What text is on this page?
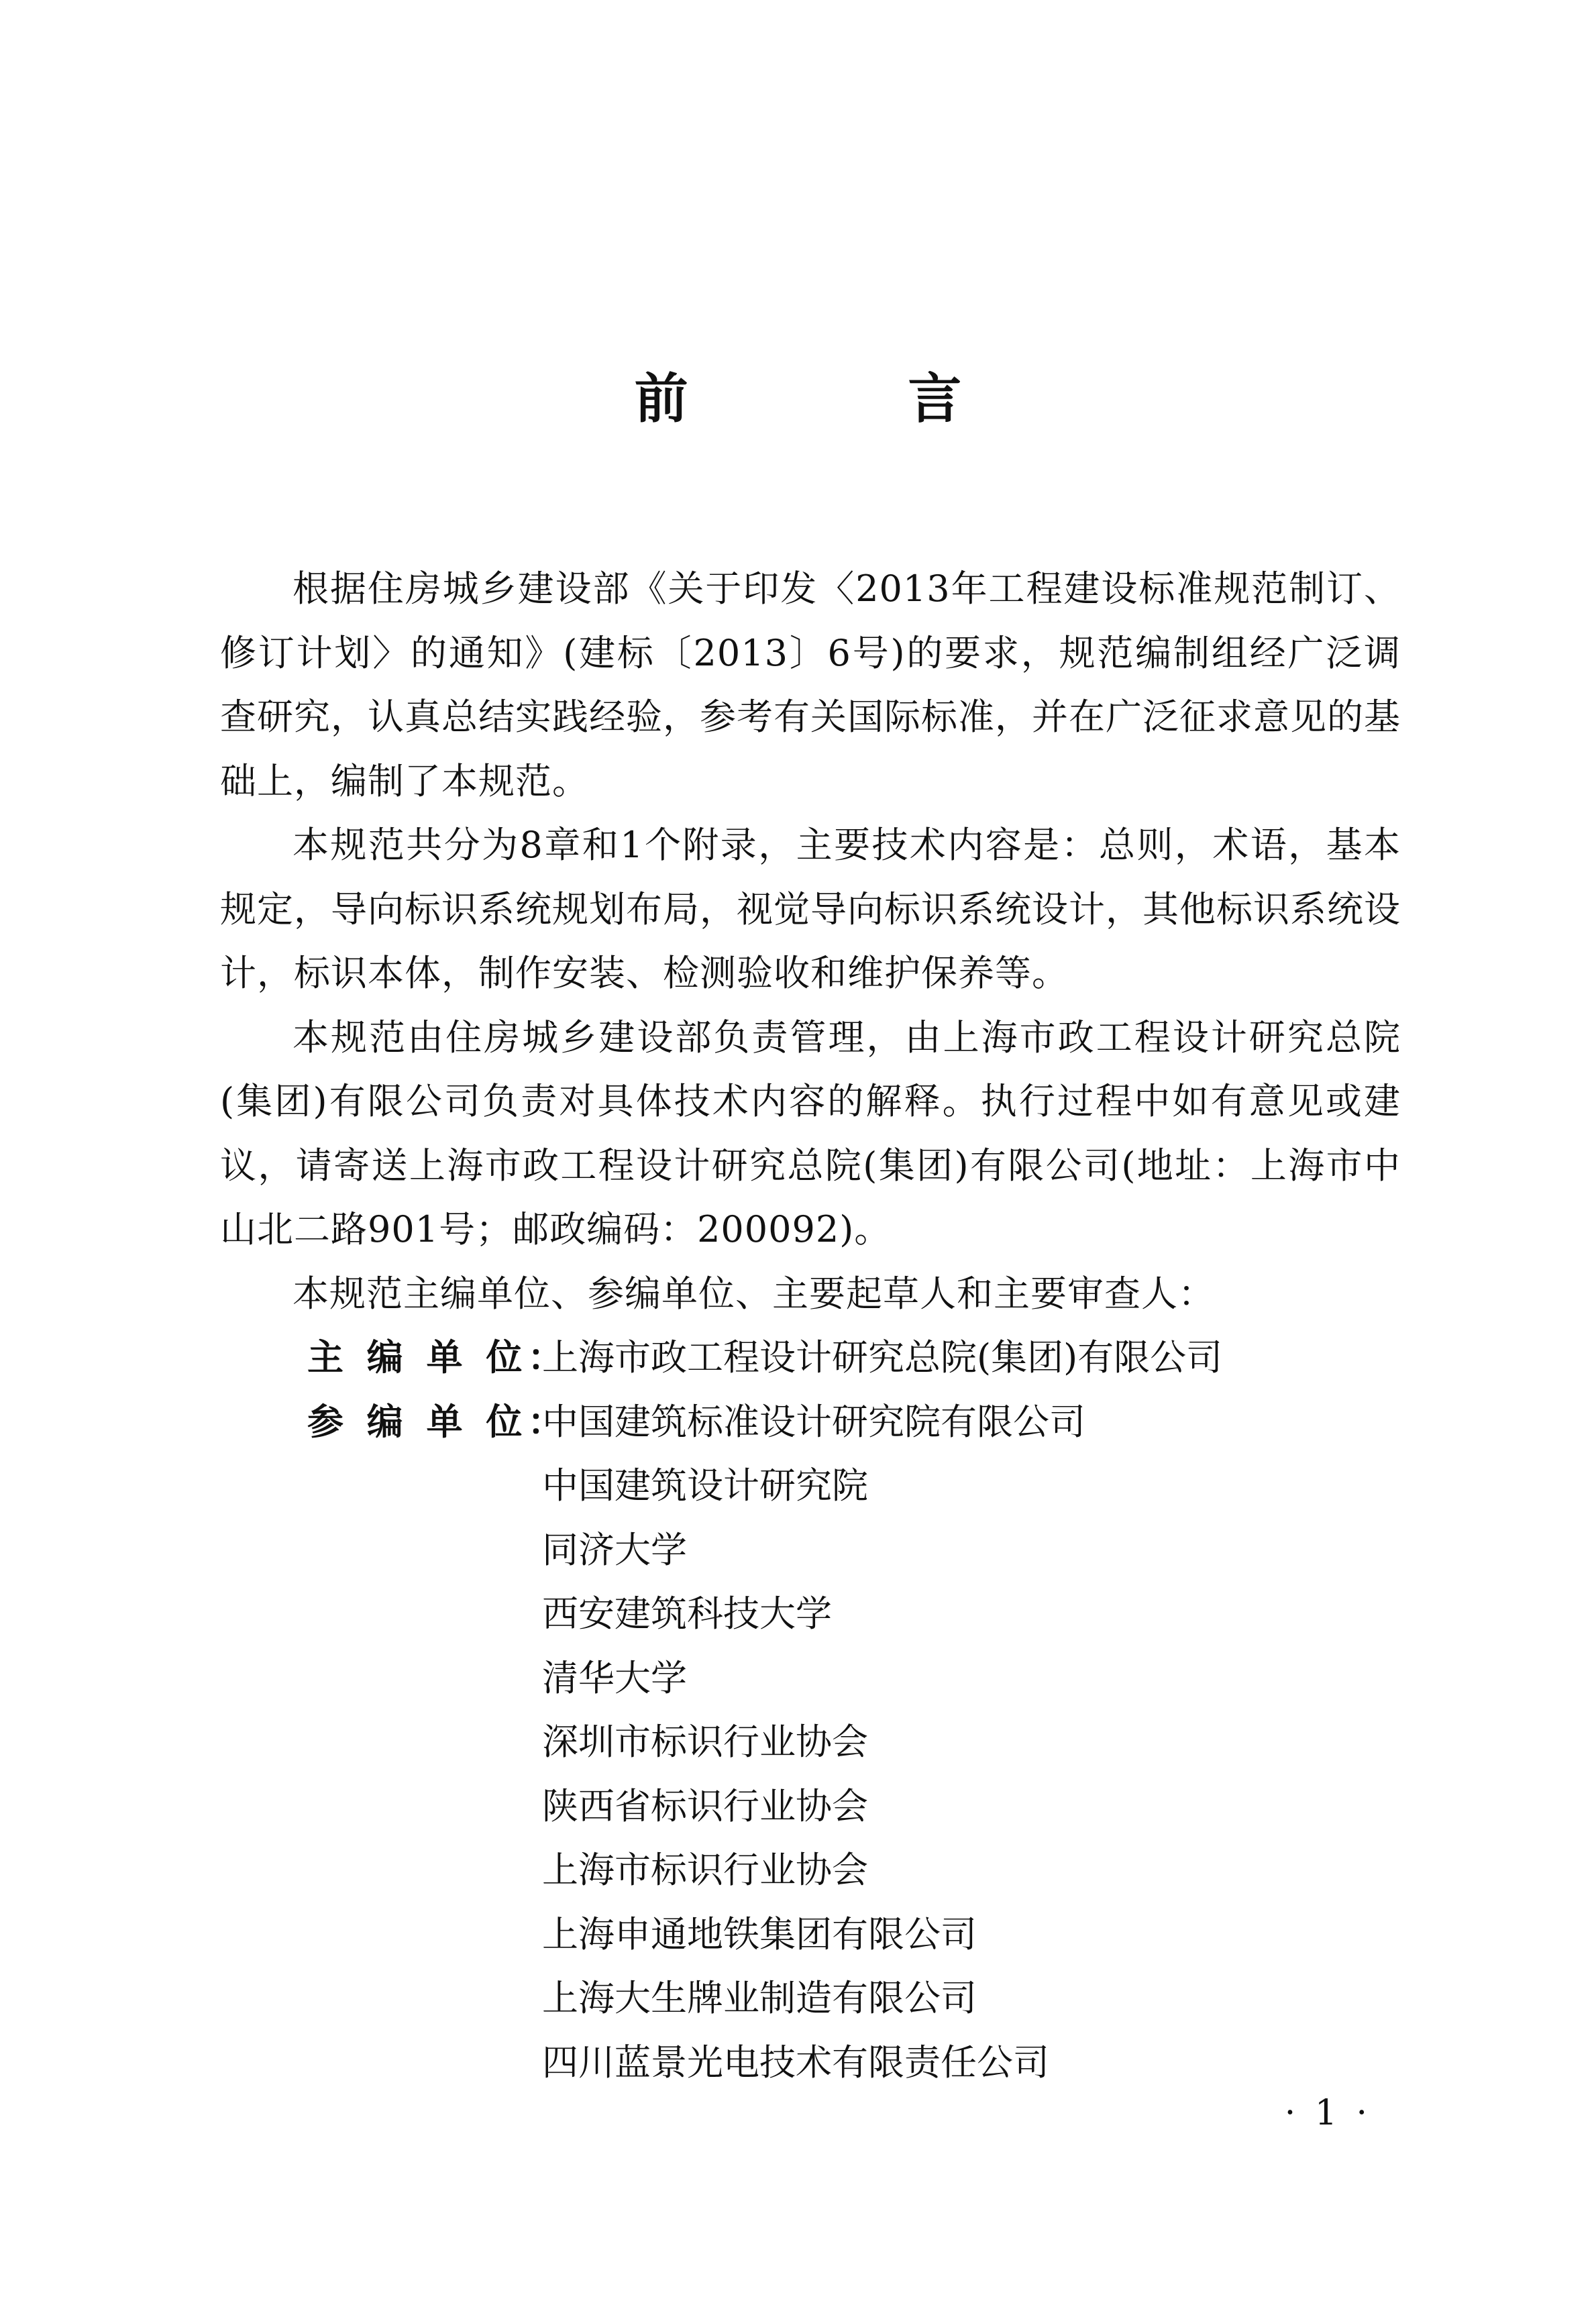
前 言

根据住房城乡建设部《关于印发〈2013年工程建设标准规范制订、修订计划〉的通知》(建标〔2013〕6号)的要求，规范编制组经广泛调查研究，认真总结实践经验，参考有关国际标准，并在广泛征求意见的基础上，编制了本规范。

本规范共分为8章和1个附录，主要技术内容是：总则，术语，基本规定，导向标识系统规划布局，视觉导向标识系统设计，其他标识系统设计，标识本体，制作安装、检测验收和维护保养等。

本规范由住房城乡建设部负责管理，由上海市政工程设计研究总院(集团)有限公司负责对具体技术内容的解释。执行过程中如有意见或建议，请寄送上海市政工程设计研究总院(集团)有限公司(地址：上海市中山北二路901号；邮政编码：200092)。

本规范主编单位、参编单位、主要起草人和主要审查人：

主 编 单 位：
上海市政工程设计研究总院(集团)有限公司
参 编 单 位：
中国建筑标准设计研究院有限公司
中国建筑设计研究院
同济大学
西安建筑科技大学
清华大学
深圳市标识行业协会
陕西省标识行业协会
上海市标识行业协会
上海申通地铁集团有限公司
上海大生牌业制造有限公司
四川蓝景光电技术有限责任公司
· 1 ·
